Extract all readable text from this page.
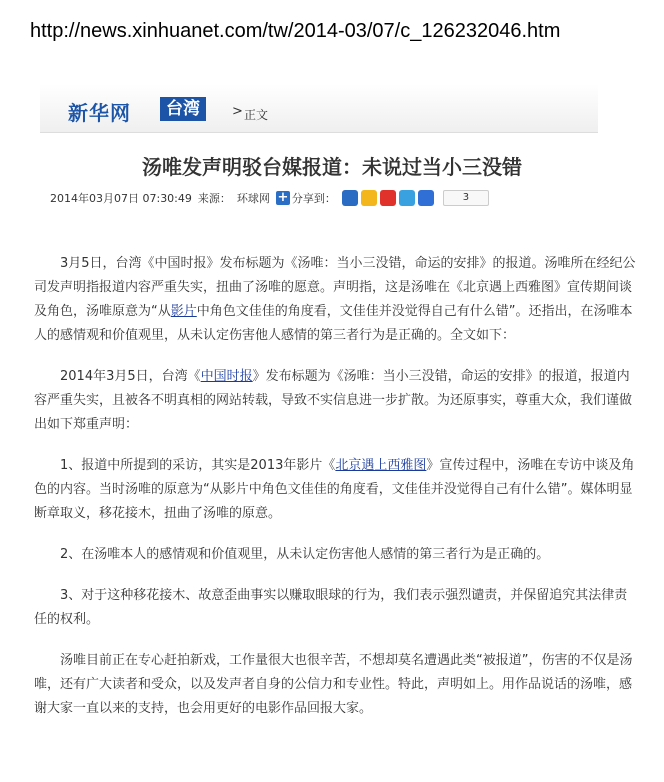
http://news.xinhuanet.com/tw/2014-03/07/c_126232046.htm
新华网	台湾	> 正文
汤唯发声明驳台媒报道：未说过当小三没错
2014年03月07日 07:30:49 来源： 环球网 + 分享到：	3

　　3月5日，台湾《中国时报》发布标题为《汤唯：当小三没错，命运的安排》的报道。汤唯所在经纪公司发声明指报道内容严重失实，扭曲了汤唯的愿意。声明指，这是汤唯在《北京遇上西雅图》宣传期间谈及角色，汤唯原意为“从影片中角色文佳佳的角度看，文佳佳并没觉得自己有什么错”。还指出，在汤唯本人的感情观和价值观里，从未认定伤害他人感情的第三者行为是正确的。全文如下：

　　2014年3月5日，台湾《中国时报》发布标题为《汤唯：当小三没错，命运的安排》的报道，报道内容严重失实，且被各不明真相的网站转载，导致不实信息进一步扩散。为还原事实，尊重大众，我们谨做出如下郑重声明：

　　1、报道中所提到的采访，其实是2013年影片《北京遇上西雅图》宣传过程中，汤唯在专访中谈及角色的内容。当时汤唯的原意为“从影片中角色文佳佳的角度看，文佳佳并没觉得自己有什么错”。媒体明显断章取义，移花接木，扭曲了汤唯的原意。

　　2、在汤唯本人的感情观和价值观里，从未认定伤害他人感情的第三者行为是正确的。

　　3、对于这种移花接木、故意歪曲事实以赚取眼球的行为，我们表示强烈谴责，并保留追究其法律责任的权利。

　　汤唯目前正在专心赶拍新戏，工作量很大也很辛苦，不想却莫名遭遇此类“被报道”，伤害的不仅是汤唯，还有广大读者和受众，以及发声者自身的公信力和专业性。特此，声明如上。用作品说话的汤唯，感谢大家一直以来的支持，也会用更好的电影作品回报大家。
